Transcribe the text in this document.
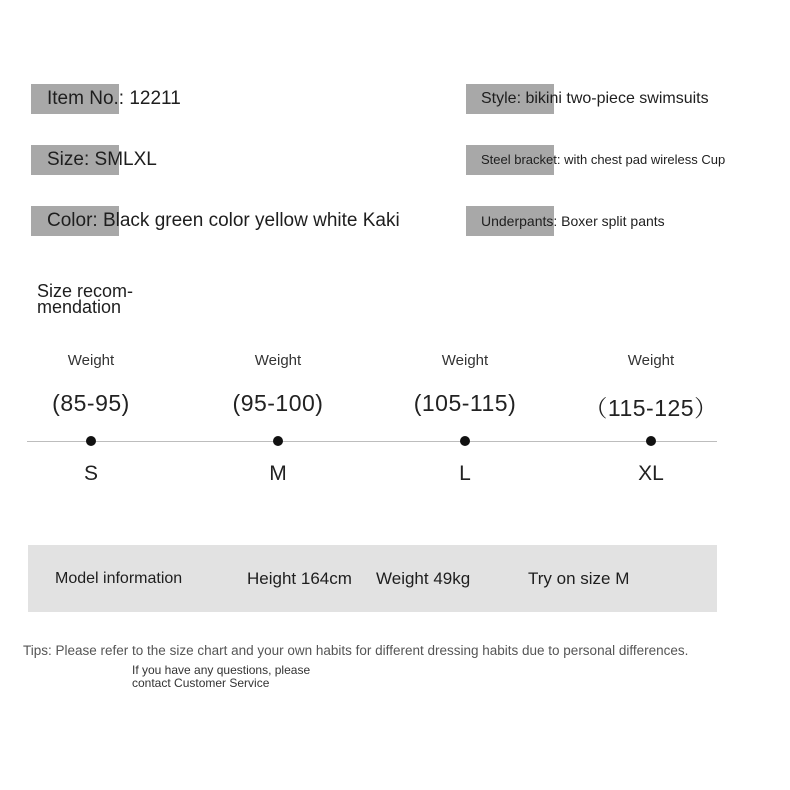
Item No.: 12211
Size: SMLXL
Color: Black green color yellow white Kaki
Style: bikini two-piece swimsuits
Steel bracket: with chest pad wireless Cup
Underpants: Boxer split pants
Size recom-
mendation
Weight
(85-95)
S
Weight
(95-100)
M
Weight
(105-115)
L
Weight
（115-125）
XL
Model information	Height 164cm Weight 49kg	Try on size M
Tips: Please refer to the size chart and your own habits for different dressing habits due to personal differences.
If you have any questions, please contact Customer Service
